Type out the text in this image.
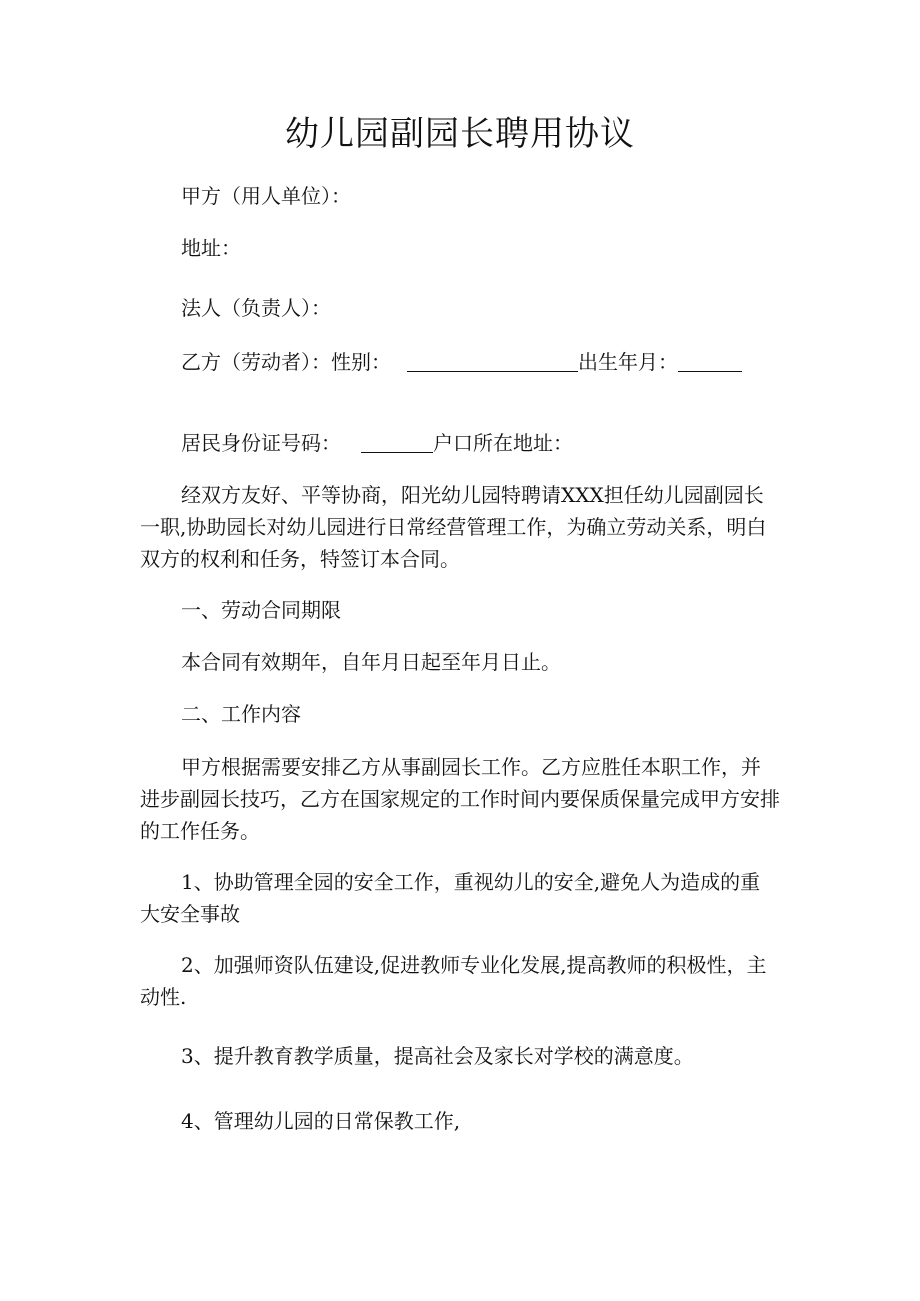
幼儿园副园长聘用协议
甲方（用人单位）：
地址：
法人（负责人）：
乙方（劳动者）：性别：	出生年月：
居民身份证号码：	户口所在地址：
经双方友好、平等协商，阳光幼儿园特聘请XXX担任幼儿园副园长一职,协助园长对幼儿园进行日常经营管理工作，为确立劳动关系，明白双方的权利和任务，特签订本合同。
一、劳动合同期限
本合同有效期年，自年月日起至年月日止。
二、工作内容
甲方根据需要安排乙方从事副园长工作。乙方应胜任本职工作，并进步副园长技巧，乙方在国家规定的工作时间内要保质保量完成甲方安排的工作任务。
1、协助管理全园的安全工作，重视幼儿的安全,避免人为造成的重大安全事故
2、加强师资队伍建设,促进教师专业化发展,提高教师的积极性，主动性.
3、提升教育教学质量，提高社会及家长对学校的满意度。
4、管理幼儿园的日常保教工作,
